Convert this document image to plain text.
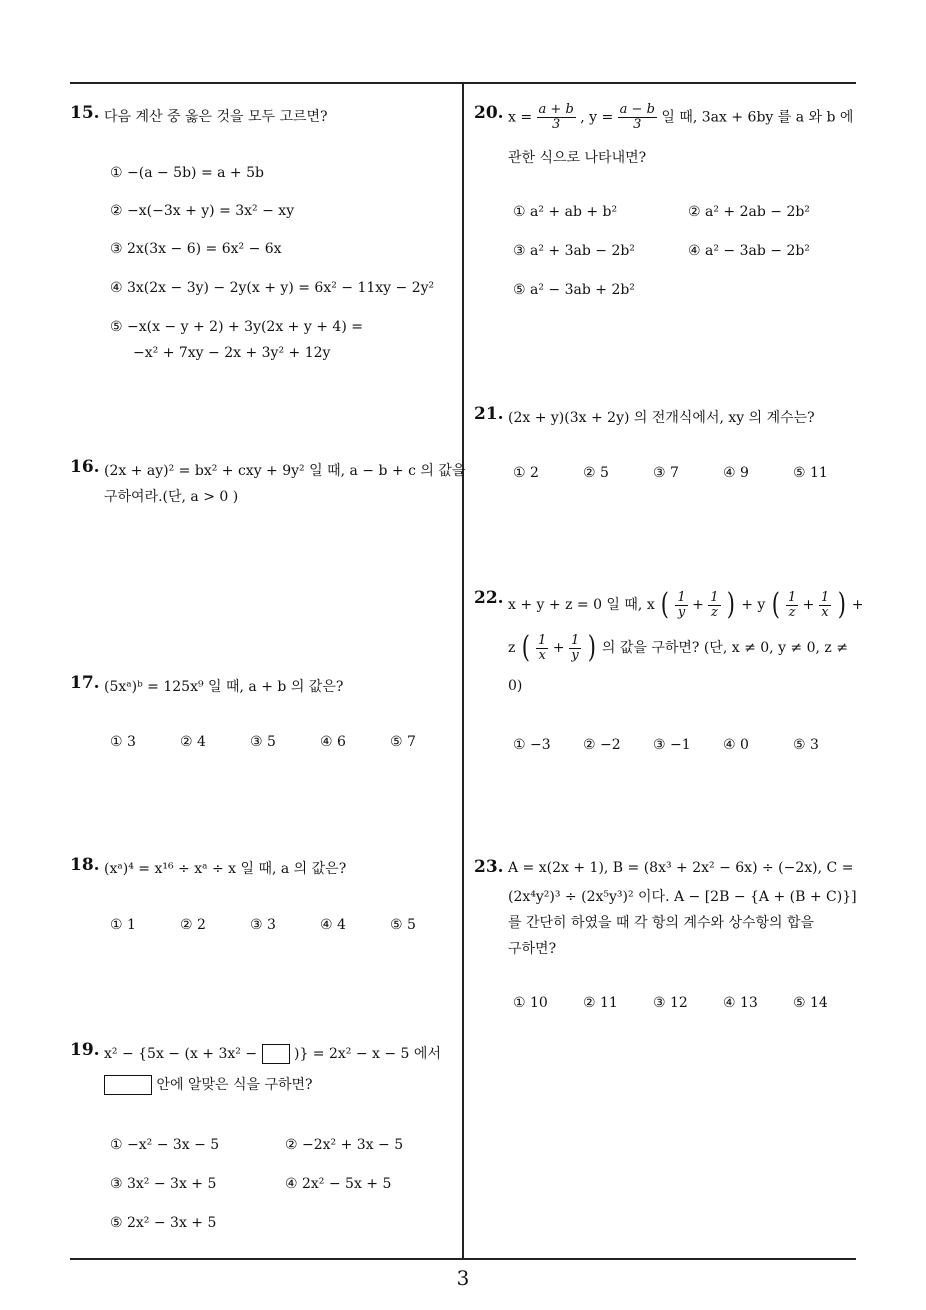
15. 다음 계산 중 옳은 것을 모두 고르면?
① −(a − 5b) = a + 5b
② −x(−3x + y) = 3x² − xy
③ 2x(3x − 6) = 6x² − 6x
④ 3x(2x − 3y) − 2y(x + y) = 6x² − 11xy − 2y²
⑤ −x(x − y + 2) + 3y(2x + y + 4) =
−x² + 7xy − 2x + 3y² + 12y
16. (2x + ay)² = bx² + cxy + 9y² 일 때, a − b + c 의 값을
구하여라.(단, a > 0 )
17. (5xᵃ)ᵇ = 125x⁹ 일 때, a + b 의 값은?
① 3	② 4	③ 5	④ 6	⑤ 7
18. (xᵃ)⁴ = x¹⁶ ÷ xᵃ ÷ x 일 때, a 의 값은?
① 1	② 2	③ 3	④ 4	⑤ 5
19. x² − {5x − (x + 3x² −	)} = 2x² − x − 5 에서
안에 알맞은 식을 구하면?
① −x² − 3x − 5	② −2x² + 3x − 5
③ 3x² − 3x + 5	④ 2x² − 5x + 5
⑤ 2x² − 3x + 5
20. $x = \frac{a + b}{3}$ , $y = \frac{a - b}{3}$ 일 때, 3ax + 6by 를 a 와 b 에
관한 식으로 나타내면?
① a² + ab + b²	② a² + 2ab − 2b²
③ a² + 3ab − 2b²	④ a² − 3ab − 2b²
⑤ a² − 3ab + 2b²
21. (2x + y)(3x + 2y) 의 전개식에서, xy 의 계수는?
① 2	② 5	③ 7	④ 9	⑤ 11
22. x + y + z = 0 일 때, x ( $\frac{1}{y} + \frac{1}{z}$ ) + y ( $\frac{1}{z} + \frac{1}{x}$ ) +
z ( $\frac{1}{x} + \frac{1}{y}$ ) 의 값을 구하면? (단, x ≠ 0, y ≠ 0, z ≠
0)
① −3 ② −2 ③ −1 ④ 0	⑤ 3
23. A = x(2x + 1), B = (8x³ + 2x² − 6x) ÷ (−2x), C =
(2x⁴y²)³ ÷ (2x⁵y³)² 이다. A − [2B − {A + (B + C)}]
를 간단히 하였을 때 각 항의 계수와 상수항의 합을
구하면?
① 10	② 11	③ 12	④ 13	⑤ 14
3
